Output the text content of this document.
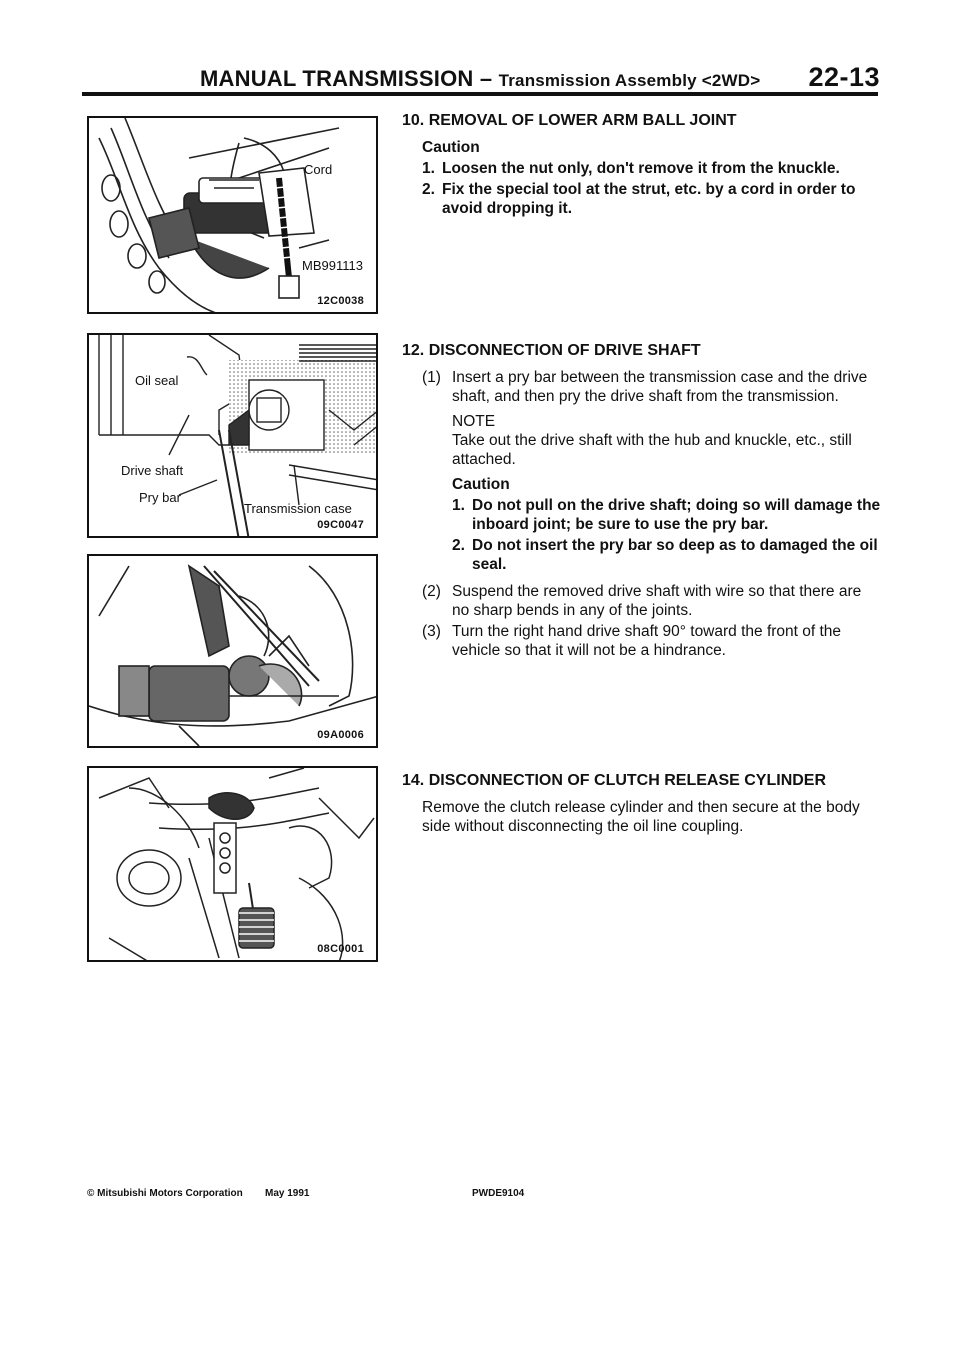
MANUAL TRANSMISSION – Transmission Assembly <2WD> 22-13
Cord
MB991113
12C0038
Oil seal
Drive shaft
Pry bar
Transmission case
09C0047
09A0006
08C0001
10. REMOVAL OF LOWER ARM BALL JOINT
Caution
1. Loosen the nut only, don't remove it from the knuckle.
2. Fix the special tool at the strut, etc. by a cord in order to avoid dropping it.
12. DISCONNECTION OF DRIVE SHAFT
(1) Insert a pry bar between the transmission case and the drive shaft, and then pry the drive shaft from the transmission.
NOTE
Take out the drive shaft with the hub and knuckle, etc., still attached.
Caution
1. Do not pull on the drive shaft; doing so will damage the inboard joint; be sure to use the pry bar.
2. Do not insert the pry bar so deep as to damaged the oil seal.
(2) Suspend the removed drive shaft with wire so that there are no sharp bends in any of the joints.
(3) Turn the right hand drive shaft 90° toward the front of the vehicle so that it will not be a hindrance.
14. DISCONNECTION OF CLUTCH RELEASE CYLINDER
Remove the clutch release cylinder and then secure at the body side without disconnecting the oil line coupling.
© Mitsubishi Motors Corporation May 1991	PWDE9104
